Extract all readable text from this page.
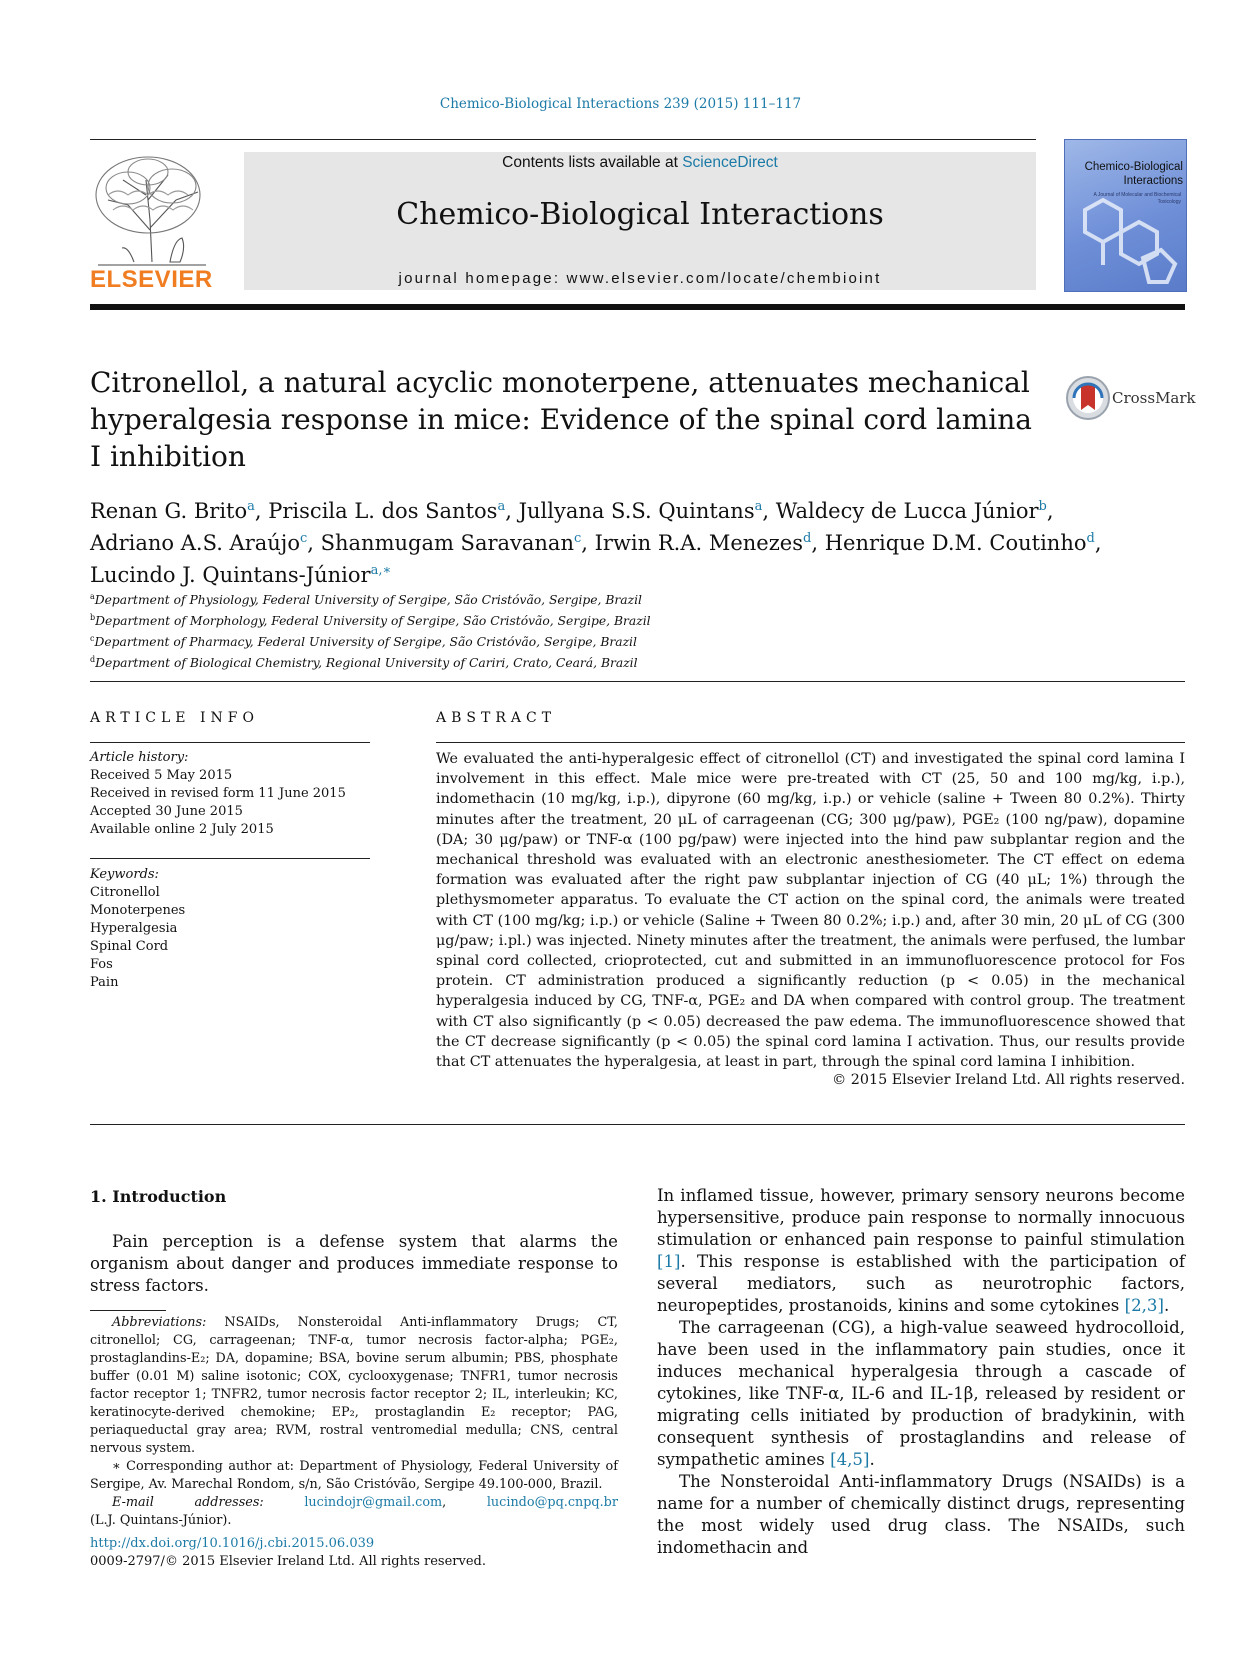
Chemico-Biological Interactions 239 (2015) 111–117
ELSEVIER
Contents lists available at ScienceDirect
Chemico-Biological Interactions
journal homepage: www.elsevier.com/locate/chembioint
Chemico-Biological Interactions
A Journal of Molecular and Biochemical Toxicology
Citronellol, a natural acyclic monoterpene, attenuates mechanical hyperalgesia response in mice: Evidence of the spinal cord lamina I inhibition
CrossMark
Renan G. Brito$^a$, Priscila L. dos Santos$^a$, Jullyana S.S. Quintans$^a$, Waldecy de Lucca Júnior$^b$,
Adriano A.S. Araújo$^c$, Shanmugam Saravanan$^c$, Irwin R.A. Menezes$^d$, Henrique D.M. Coutinho$^d$,
Lucindo J. Quintans-Júnior$^{a,∗}$
$^a$Department of Physiology, Federal University of Sergipe, São Cristóvão, Sergipe, Brazil
$^b$Department of Morphology, Federal University of Sergipe, São Cristóvão, Sergipe, Brazil
$^c$Department of Pharmacy, Federal University of Sergipe, São Cristóvão, Sergipe, Brazil
$^d$Department of Biological Chemistry, Regional University of Cariri, Crato, Ceará, Brazil
ARTICLE INFO
Article history:
Received 5 May 2015
Received in revised form 11 June 2015
Accepted 30 June 2015
Available online 2 July 2015
Keywords:
Citronellol
Monoterpenes
Hyperalgesia
Spinal Cord
Fos
Pain
ABSTRACT
We evaluated the anti-hyperalgesic effect of citronellol (CT) and investigated the spinal cord lamina I involvement in this effect. Male mice were pre-treated with CT (25, 50 and 100 mg/kg, i.p.), indomethacin (10 mg/kg, i.p.), dipyrone (60 mg/kg, i.p.) or vehicle (saline + Tween 80 0.2%). Thirty minutes after the treatment, 20 μL of carrageenan (CG; 300 μg/paw), PGE₂ (100 ng/paw), dopamine (DA; 30 μg/paw) or TNF-α (100 pg/paw) were injected into the hind paw subplantar region and the mechanical threshold was evaluated with an electronic anesthesiometer. The CT effect on edema formation was evaluated after the right paw subplantar injection of CG (40 μL; 1%) through the plethysmometer apparatus. To evaluate the CT action on the spinal cord, the animals were treated with CT (100 mg/kg; i.p.) or vehicle (Saline + Tween 80 0.2%; i.p.) and, after 30 min, 20 μL of CG (300 μg/paw; i.pl.) was injected. Ninety minutes after the treatment, the animals were perfused, the lumbar spinal cord collected, crioprotected, cut and submitted in an immunofluorescence protocol for Fos protein. CT administration produced a significantly reduction (p < 0.05) in the mechanical hyperalgesia induced by CG, TNF-α, PGE₂ and DA when compared with control group. The treatment with CT also significantly (p < 0.05) decreased the paw edema. The immunofluorescence showed that the CT decrease significantly (p < 0.05) the spinal cord lamina I activation. Thus, our results provide that CT attenuates the hyperalgesia, at least in part, through the spinal cord lamina I inhibition.
© 2015 Elsevier Ireland Ltd. All rights reserved.
1. Introduction

Pain perception is a defense system that alarms the organism about danger and produces immediate response to stress factors.

Abbreviations: NSAIDs, Nonsteroidal Anti-inflammatory Drugs; CT, citronellol; CG, carrageenan; TNF-α, tumor necrosis factor-alpha; PGE₂, prostaglandins-E₂; DA, dopamine; BSA, bovine serum albumin; PBS, phosphate buffer (0.01 M) saline isotonic; COX, cyclooxygenase; TNFR1, tumor necrosis factor receptor 1; TNFR2, tumor necrosis factor receptor 2; IL, interleukin; KC, keratinocyte-derived chemokine; EP₂, prostaglandin E₂ receptor; PAG, periaqueductal gray area; RVM, rostral ventromedial medulla; CNS, central nervous system.

∗ Corresponding author at: Department of Physiology, Federal University of Sergipe, Av. Marechal Rondom, s/n, São Cristóvão, Sergipe 49.100-000, Brazil.

E-mail addresses:	lucindojr@gmail.com, lucindo@pq.cnpq.br

(L.J. Quintans-Júnior).

In inflamed tissue, however, primary sensory neurons become hypersensitive, produce pain response to normally innocuous stimulation or enhanced pain response to painful stimulation [1]. This response is established with the participation of several mediators, such as neurotrophic factors, neuropeptides, prostanoids, kinins and some cytokines [2,3].

The carrageenan (CG), a high-value seaweed hydrocolloid, have been used in the inflammatory pain studies, once it induces mechanical hyperalgesia through a cascade of cytokines, like TNF-α, IL-6 and IL-1β, released by resident or migrating cells initiated by production of bradykinin, with consequent synthesis of prostaglandins and release of sympathetic amines [4,5].

The Nonsteroidal Anti-inflammatory Drugs (NSAIDs) is a name for a number of chemically distinct drugs, representing the most widely used drug class. The NSAIDs, such indomethacin and

http://dx.doi.org/10.1016/j.cbi.2015.06.039
0009-2797/© 2015 Elsevier Ireland Ltd. All rights reserved.
